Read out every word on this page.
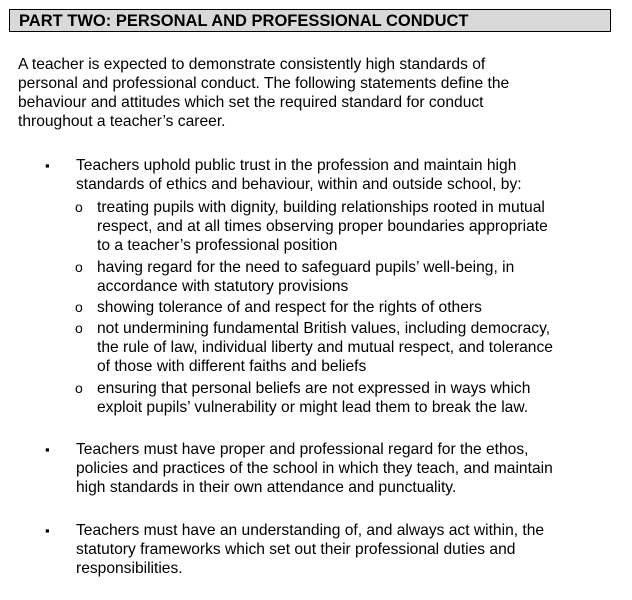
PART TWO: PERSONAL AND PROFESSIONAL CONDUCT

A teacher is expected to demonstrate consistently high standards of
personal and professional conduct. The following statements define the
behaviour and attitudes which set the required standard for conduct
throughout a teacher’s career.

▪ Teachers uphold public trust in the profession and maintain high
standards of ethics and behaviour, within and outside school, by:
o treating pupils with dignity, building relationships rooted in mutual
respect, and at all times observing proper boundaries appropriate
to a teacher’s professional position
o having regard for the need to safeguard pupils’ well-being, in
accordance with statutory provisions
o showing tolerance of and respect for the rights of others
o not undermining fundamental British values, including democracy,
the rule of law, individual liberty and mutual respect, and tolerance
of those with different faiths and beliefs
o ensuring that personal beliefs are not expressed in ways which
exploit pupils’ vulnerability or might lead them to break the law.
▪ Teachers must have proper and professional regard for the ethos,
policies and practices of the school in which they teach, and maintain
high standards in their own attendance and punctuality.
▪ Teachers must have an understanding of, and always act within, the
statutory frameworks which set out their professional duties and
responsibilities.
